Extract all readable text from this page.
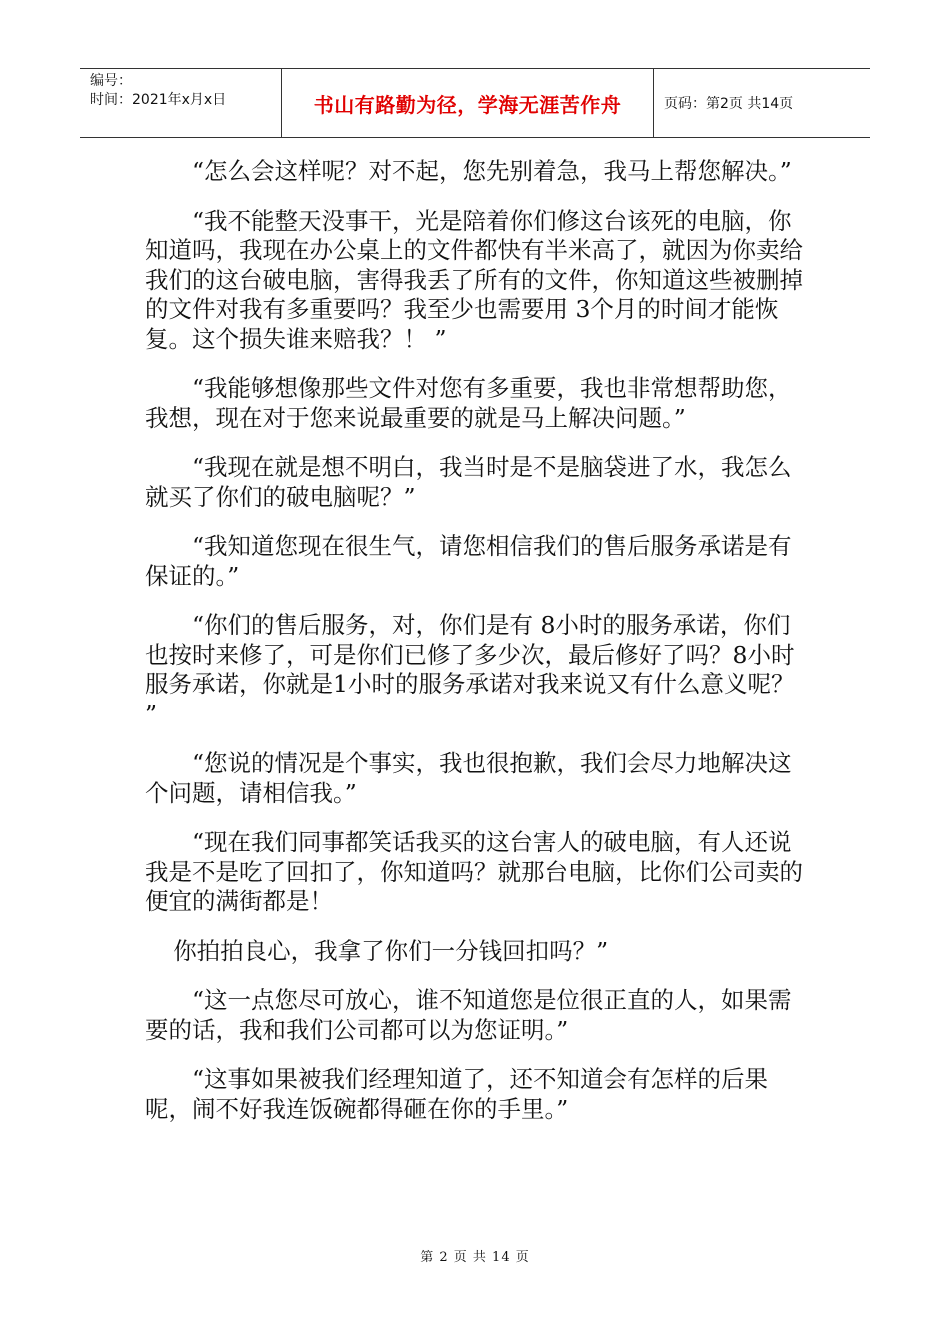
编号：
时间：2021年x月x日	书山有路勤为径，学海无涯苦作舟	页码：第2页 共14页

“怎么会这样呢？对不起，您先别着急，我马上帮您解决。”

“我不能整天没事干，光是陪着你们修这台该死的电脑，你知道吗，我现在办公桌上的文件都快有半米高了，就因为你卖给我们的这台破电脑，害得我丢了所有的文件，你知道这些被删掉的文件对我有多重要吗？我至少也需要用 3个月的时间才能恢复。这个损失谁来赔我？！ ”

“我能够想像那些文件对您有多重要，我也非常想帮助您，我想，现在对于您来说最重要的就是马上解决问题。”

“我现在就是想不明白，我当时是不是脑袋进了水，我怎么就买了你们的破电脑呢？”

“我知道您现在很生气，请您相信我们的售后服务承诺是有保证的。”

“你们的售后服务，对，你们是有 8小时的服务承诺，你们也按时来修了，可是你们已修了多少次，最后修好了吗？8小时服务承诺，你就是1小时的服务承诺对我来说又有什么意义呢？ ”

“您说的情况是个事实，我也很抱歉，我们会尽力地解决这个问题，请相信我。”

“现在我们同事都笑话我买的这台害人的破电脑，有人还说我是不是吃了回扣了，你知道吗？就那台电脑，比你们公司卖的便宜的满街都是！

你拍拍良心，我拿了你们一分钱回扣吗？”

“这一点您尽可放心，谁不知道您是位很正直的人，如果需要的话，我和我们公司都可以为您证明。”

“这事如果被我们经理知道了，还不知道会有怎样的后果呢，闹不好我连饭碗都得砸在你的手里。”

第 2 页 共 14 页
